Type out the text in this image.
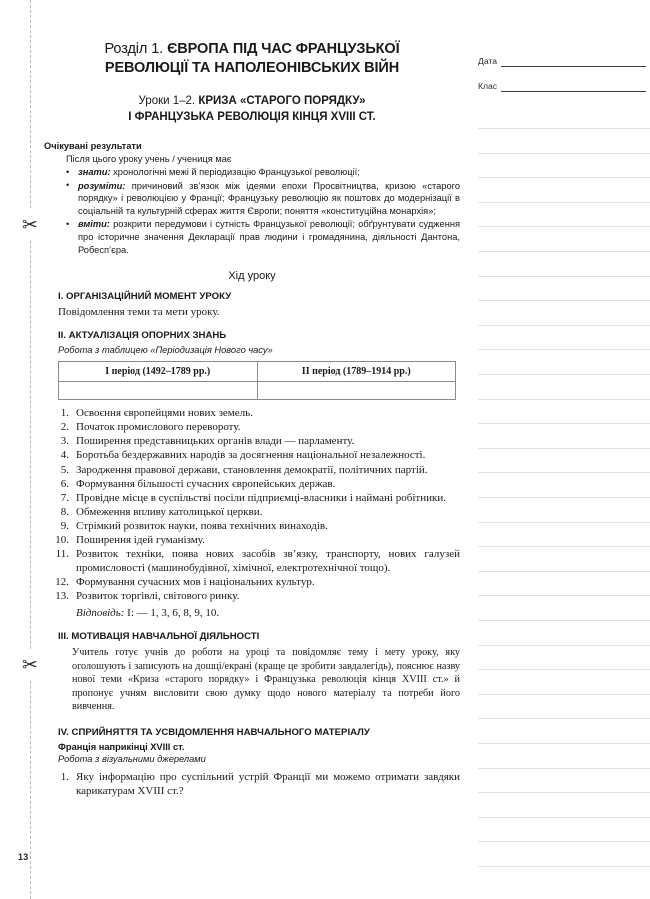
✂
✂
13
Розділ 1. ЄВРОПА ПІД ЧАС ФРАНЦУЗЬКОЇ
РЕВОЛЮЦІЇ ТА НАПОЛЕОНІВСЬКИХ ВІЙН
Уроки 1–2. КРИЗА «СТАРОГО ПОРЯДКУ»
І ФРАНЦУЗЬКА РЕВОЛЮЦІЯ КІНЦЯ XVIII СТ.

Очікувані результати

Після цього уроку учень / учениця має

• знати: хронологічні межі й періодизацію Французької революції;
• розуміти: причиновий зв’язок між ідеями епохи Просвітництва, кризою «старого порядку» і революцією у Франції; Французьку революцію як поштовх до модернізації в соціальній та культурній сферах життя Європи; поняття «конституційна монархія»;
• вміти: розкрити передумови і сутність Французької революції; обґрунтувати судження про історичне значення Декларації прав людини і громадянина, діяльності Дантона, Робесп’єра.
Хід уроку

I. ОРГАНІЗАЦІЙНИЙ МОМЕНТ УРОКУ

Повідомлення теми та мети уроку.

II. АКТУАЛІЗАЦІЯ ОПОРНИХ ЗНАНЬ

Робота з таблицею «Періодизація Нового часу»

I період (1492–1789 рр.)	II період (1789–1914 рр.)

Освоєння європейцями нових земель.
Початок промислового перевороту.
Поширення представницьких органів влади — парламенту.
Боротьба бездержавних народів за досягнення національної незалежності.
Зародження правової держави, становлення демократії, політичних партій.
Формування більшості сучасних європейських держав.
Провідне місце в суспільстві посіли підприємці-власники і наймані робітники.
Обмеження впливу католицької церкви.
Стрімкий розвиток науки, поява технічних винаходів.
Поширення ідей гуманізму.
Розвиток техніки, поява нових засобів зв’язку, транспорту, нових галузей промисловості (машинобудівної, хімічної, електротехнічної тощо).
Формування сучасних мов і національних культур.
Розвиток торгівлі, світового ринку.

Відповідь: І: — 1, 3, 6, 8, 9, 10.

III. МОТИВАЦІЯ НАВЧАЛЬНОЇ ДІЯЛЬНОСТІ

Учитель готує учнів до роботи на уроці та повідомляє тему і мету уроку, яку оголошують і записують на дошці/екрані (краще це зробити завдалегідь), пояснює назву нової теми «Криза «старого порядку» і Французька революція кінця XVIII ст.» й пропонує учням висловити свою думку щодо нового матеріалу та потреби його вивчення.

IV. СПРИЙНЯТТЯ ТА УСВІДОМЛЕННЯ НАВЧАЛЬНОГО МАТЕРІАЛУ

Франція наприкінці XVIII ст.

Робота з візуальними джерелами

Яку інформацію про суспільний устрій Франції ми можемо отримати завдяки карикатурам XVIII ст.?
Дата
Клас
